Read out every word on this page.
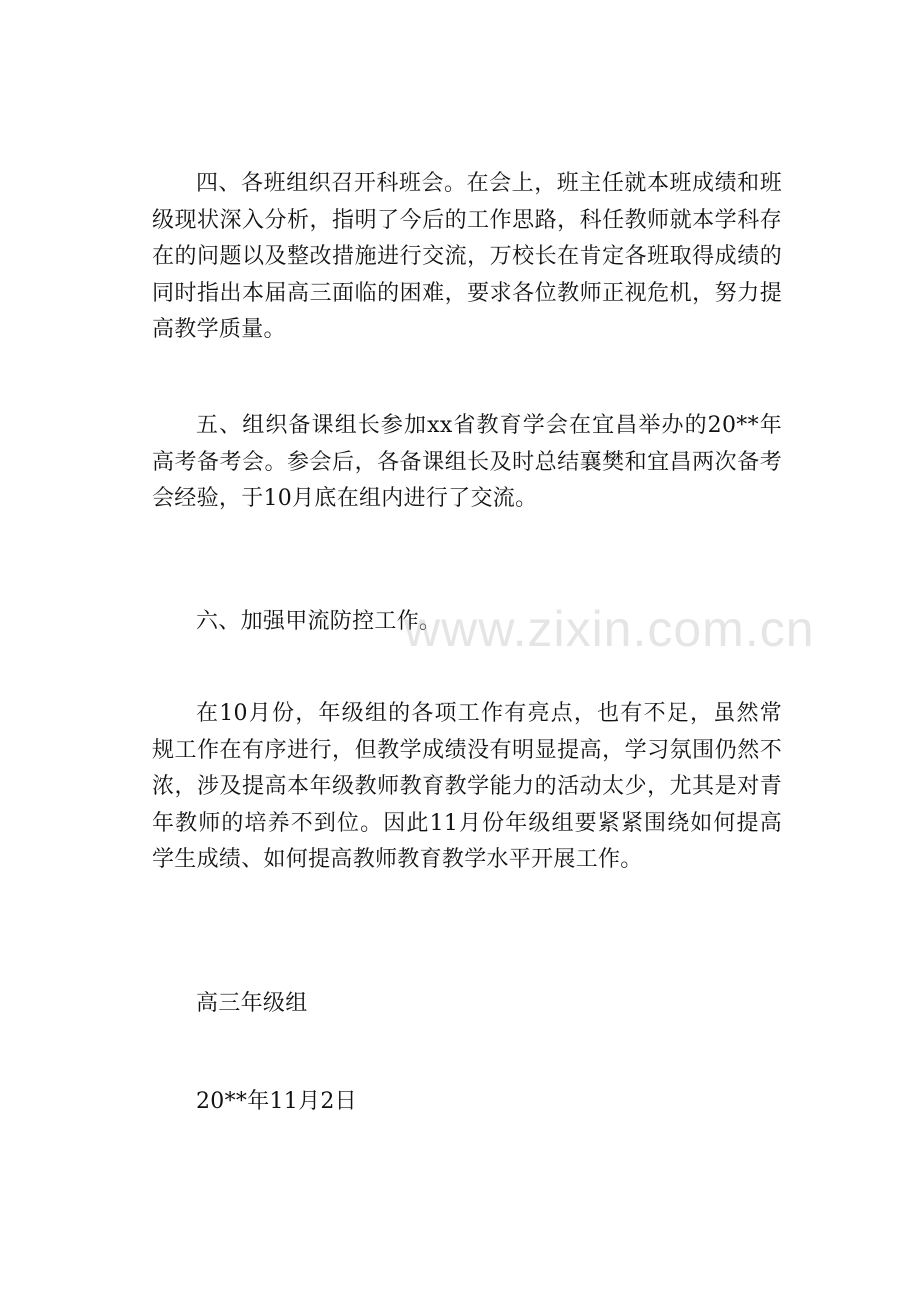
四、各班组织召开科班会。在会上，班主任就本班成绩和班级现状深入分析，指明了今后的工作思路，科任教师就本学科存在的问题以及整改措施进行交流，万校长在肯定各班取得成绩的同时指出本届高三面临的困难，要求各位教师正视危机，努力提高教学质量。

五、组织备课组长参加xx省教育学会在宜昌举办的20**年高考备考会。参会后，各备课组长及时总结襄樊和宜昌两次备考会经验，于10月底在组内进行了交流。

六、加强甲流防控工作。

在10月份，年级组的各项工作有亮点，也有不足，虽然常规工作在有序进行，但教学成绩没有明显提高，学习氛围仍然不浓，涉及提高本年级教师教育教学能力的活动太少，尤其是对青年教师的培养不到位。因此11月份年级组要紧紧围绕如何提高学生成绩、如何提高教师教育教学水平开展工作。

高三年级组

20**年11月2日

www.zixin.com.cn
